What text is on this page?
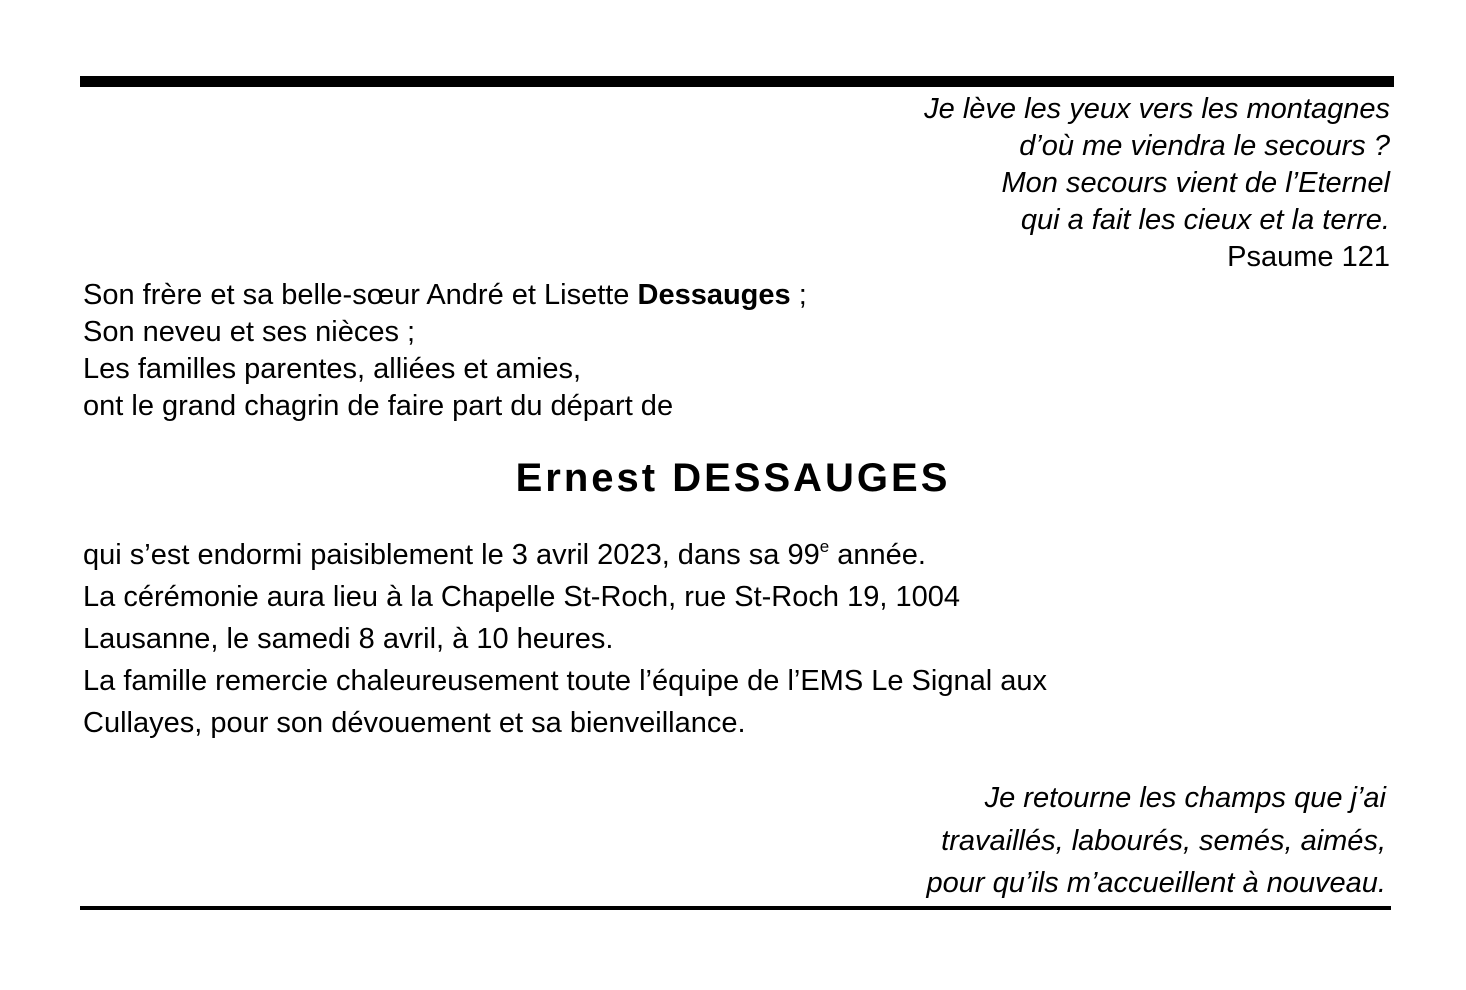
Je lève les yeux vers les montagnes
d’où me viendra le secours ?
Mon secours vient de l’Eternel
qui a fait les cieux et la terre.
Psaume 121
Son frère et sa belle-sœur André et Lisette Dessauges ;
Son neveu et ses nièces ;
Les familles parentes, alliées et amies,
ont le grand chagrin de faire part du départ de
Ernest DESSAUGES
qui s’est endormi paisiblement le 3 avril 2023, dans sa 99e année.
La cérémonie aura lieu à la Chapelle St-Roch, rue St-Roch 19, 1004
Lausanne, le samedi 8 avril, à 10 heures.
La famille remercie chaleureusement toute l’équipe de l’EMS Le Signal aux
Cullayes, pour son dévouement et sa bienveillance.
Je retourne les champs que j’ai
travaillés, labourés, semés, aimés,
pour qu’ils m’accueillent à nouveau.
